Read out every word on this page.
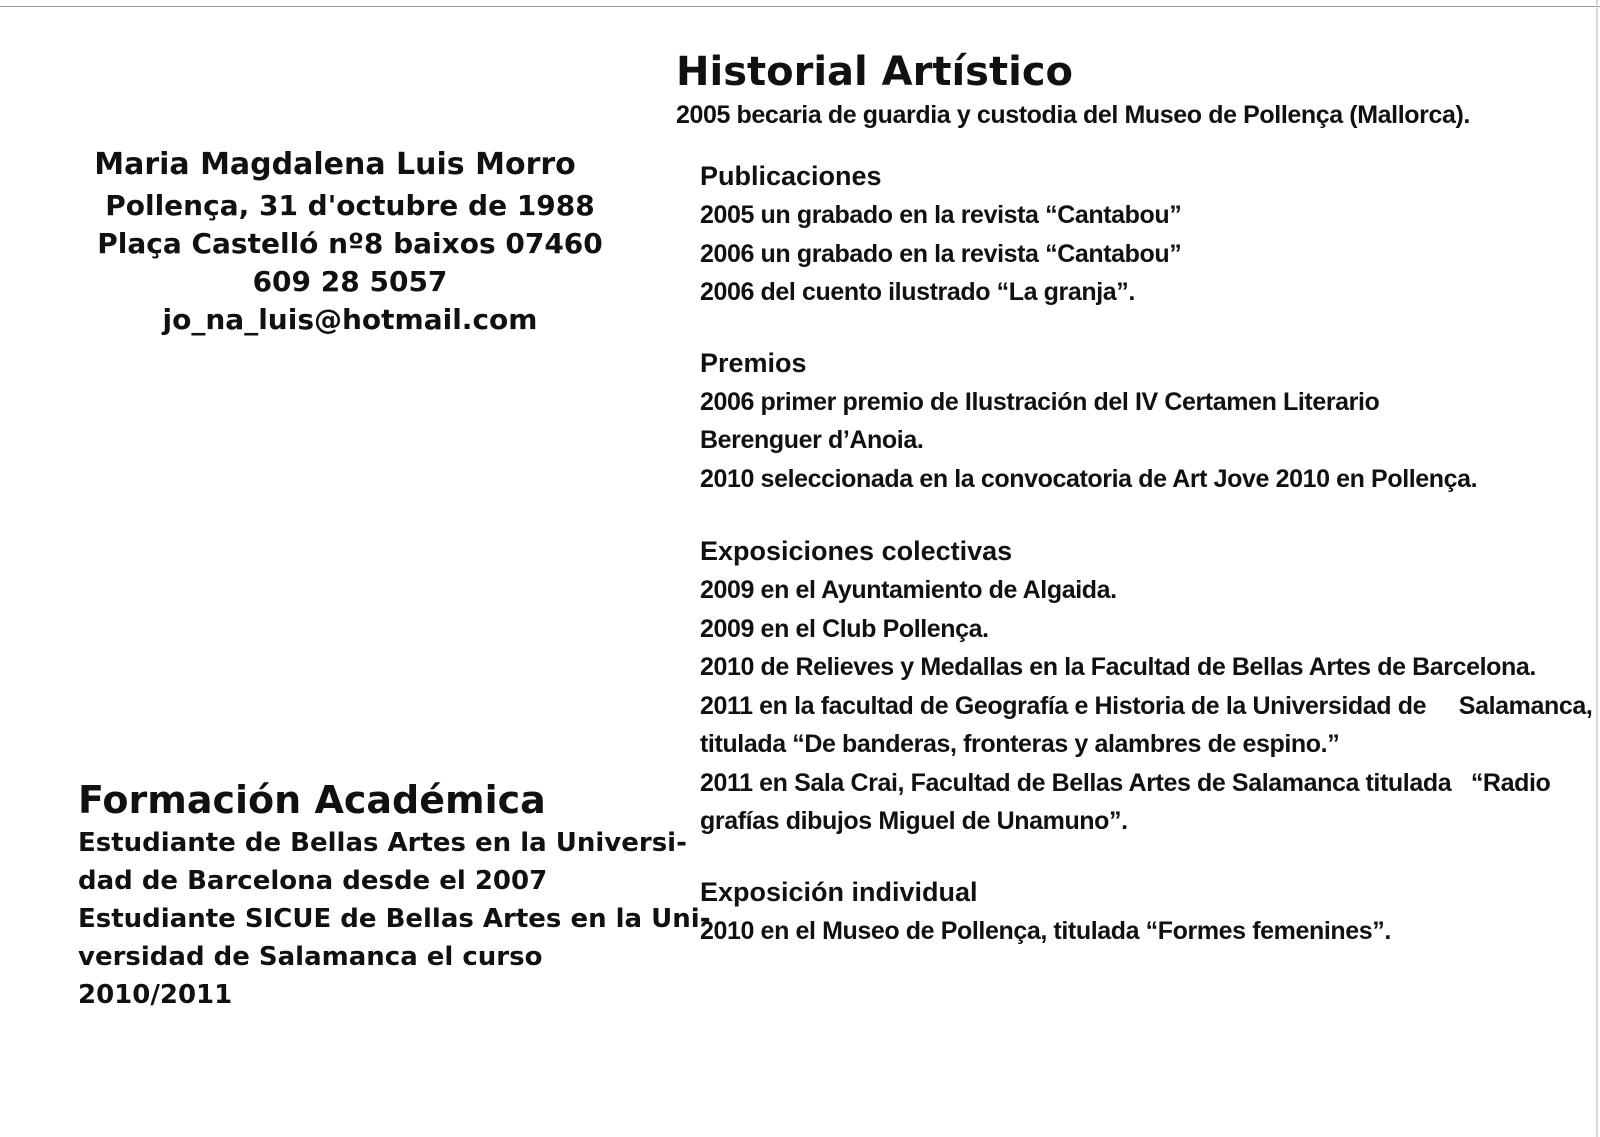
Maria Magdalena Luis Morro
Pollença, 31 d'octubre de 1988
Plaça Castelló nº8 baixos 07460
609 28 5057
jo_na_luis@hotmail.com
Formación Académica

Estudiante de Bellas Artes en la Universi-

dad de Barcelona desde el 2007

Estudiante SICUE de Bellas Artes en la Uni-

versidad de Salamanca el curso

2010/2011

Historial Artístico

2005 becaria de guardia y custodia del Museo de Pollença (Mallorca).

Publicaciones
2005 un grabado en la revista “Cantabou”
2006 un grabado en la revista “Cantabou”
2006 del cuento ilustrado “La granja”.
Premios
2006 primer premio de Ilustración del IV Certamen Literario
Berenguer d’Anoia.
2010 seleccionada en la convocatoria de Art Jove 2010 en Pollença.
Exposiciones colectivas
2009 en el Ayuntamiento de Algaida.
2009 en el Club Pollença.
2010 de Relieves y Medallas en la Facultad de Bellas Artes de Barcelona.
2011 en la facultad de Geografía e Historia de la Universidad de     Salamanca,
titulada “De banderas, fronteras y alambres de espino.”
2011 en Sala Crai, Facultad de Bellas Artes de Salamanca titulada   “Radio
grafías dibujos Miguel de Unamuno”.
Exposición individual
2010 en el Museo de Pollença, titulada “Formes femenines”.
